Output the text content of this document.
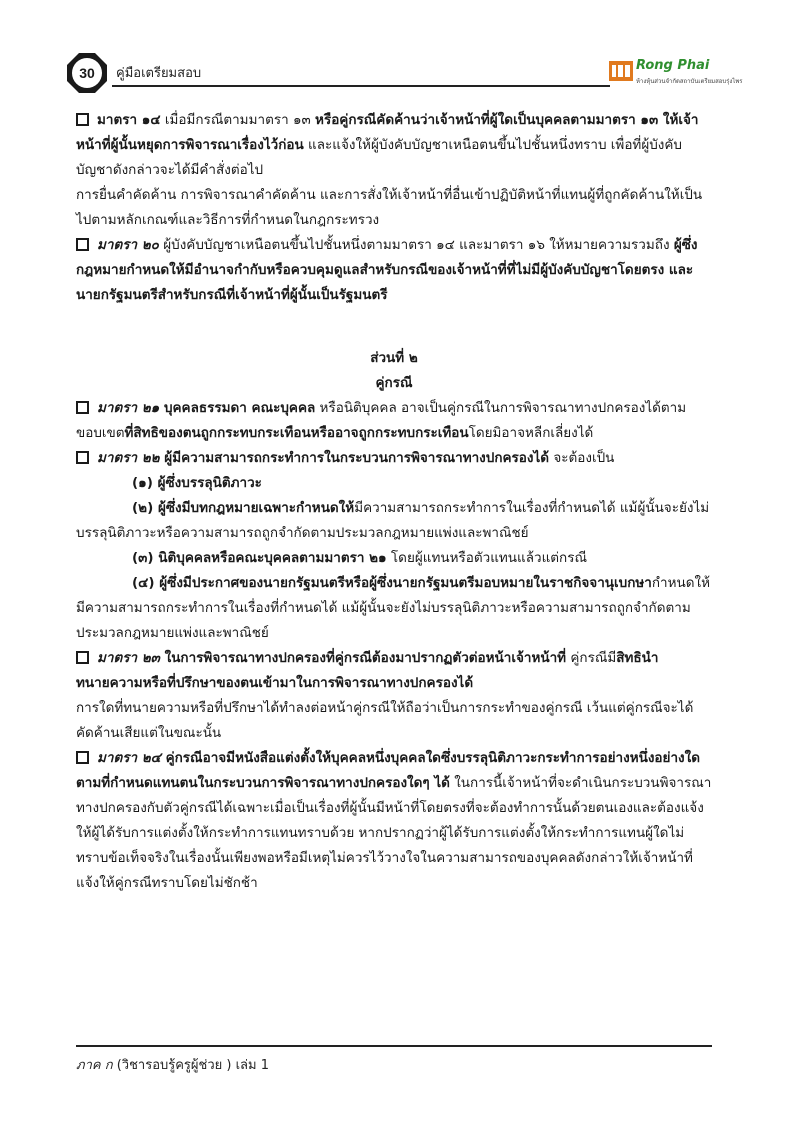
30 คู่มือเตรียมสอบ
Rong Phai
ห้างหุ้นส่วนจำกัดสถาบันเตรียมสอบรุ่งไพร

มาตรา ๑๔ เมื่อมีกรณีตามมาตรา ๑๓ หรือคู่กรณีคัดค้านว่าเจ้าหน้าที่ผู้ใดเป็นบุคคลตามมาตรา ๑๓ ให้เจ้าหน้าที่ผู้นั้นหยุดการพิจารณาเรื่องไว้ก่อน และแจ้งให้ผู้บังคับบัญชาเหนือตนขึ้นไปชั้นหนึ่งทราบ เพื่อที่ผู้บังคับบัญชาดังกล่าวจะได้มีคำสั่งต่อไป

การยื่นคำคัดค้าน การพิจารณาคำคัดค้าน และการสั่งให้เจ้าหน้าที่อื่นเข้าปฏิบัติหน้าที่แทนผู้ที่ถูกคัดค้านให้เป็นไปตามหลักเกณฑ์และวิธีการที่กำหนดในกฎกระทรวง

มาตรา ๒๐ ผู้บังคับบัญชาเหนือตนขึ้นไปชั้นหนึ่งตามมาตรา ๑๔ และมาตรา ๑๖ ให้หมายความรวมถึง ผู้ซึ่งกฎหมายกำหนดให้มีอำนาจกำกับหรือควบคุมดูแลสำหรับกรณีของเจ้าหน้าที่ที่ไม่มีผู้บังคับบัญชาโดยตรง และนายกรัฐมนตรีสำหรับกรณีที่เจ้าหน้าที่ผู้นั้นเป็นรัฐมนตรี

ส่วนที่ ๒

คู่กรณี

มาตรา ๒๑ บุคคลธรรมดา คณะบุคคล หรือนิติบุคคล อาจเป็นคู่กรณีในการพิจารณาทางปกครองได้ตามขอบเขตที่สิทธิของตนถูกกระทบกระเทือนหรืออาจถูกกระทบกระเทือนโดยมิอาจหลีกเลี่ยงได้

มาตรา ๒๒ ผู้มีความสามารถกระทำการในกระบวนการพิจารณาทางปกครองได้ จะต้องเป็น

(๑) ผู้ซึ่งบรรลุนิติภาวะ

(๒) ผู้ซึ่งมีบทกฎหมายเฉพาะกำหนดให้มีความสามารถกระทำการในเรื่องที่กำหนดได้ แม้ผู้นั้นจะยังไม่บรรลุนิติภาวะหรือความสามารถถูกจำกัดตามประมวลกฎหมายแพ่งและพาณิชย์

(๓) นิติบุคคลหรือคณะบุคคลตามมาตรา ๒๑ โดยผู้แทนหรือตัวแทนแล้วแต่กรณี

(๔) ผู้ซึ่งมีประกาศของนายกรัฐมนตรีหรือผู้ซึ่งนายกรัฐมนตรีมอบหมายในราชกิจจานุเบกษากำหนดให้มีความสามารถกระทำการในเรื่องที่กำหนดได้ แม้ผู้นั้นจะยังไม่บรรลุนิติภาวะหรือความสามารถถูกจำกัดตามประมวลกฎหมายแพ่งและพาณิชย์

มาตรา ๒๓ ในการพิจารณาทางปกครองที่คู่กรณีต้องมาปรากฏตัวต่อหน้าเจ้าหน้าที่ คู่กรณีมีสิทธินำทนายความหรือที่ปรึกษาของตนเข้ามาในการพิจารณาทางปกครองได้

การใดที่ทนายความหรือที่ปรึกษาได้ทำลงต่อหน้าคู่กรณีให้ถือว่าเป็นการกระทำของคู่กรณี เว้นแต่คู่กรณีจะได้คัดค้านเสียแต่ในขณะนั้น

มาตรา ๒๔ คู่กรณีอาจมีหนังสือแต่งตั้งให้บุคคลหนึ่งบุคคลใดซึ่งบรรลุนิติภาวะกระทำการอย่างหนึ่งอย่างใดตามที่กำหนดแทนตนในกระบวนการพิจารณาทางปกครองใดๆ ได้ ในการนี้เจ้าหน้าที่จะดำเนินกระบวนพิจารณาทางปกครองกับตัวคู่กรณีได้เฉพาะเมื่อเป็นเรื่องที่ผู้นั้นมีหน้าที่โดยตรงที่จะต้องทำการนั้นด้วยตนเองและต้องแจ้งให้ผู้ได้รับการแต่งตั้งให้กระทำการแทนทราบด้วย หากปรากฏว่าผู้ได้รับการแต่งตั้งให้กระทำการแทนผู้ใดไม่ทราบข้อเท็จจริงในเรื่องนั้นเพียงพอหรือมีเหตุไม่ควรไว้วางใจในความสามารถของบุคคลดังกล่าวให้เจ้าหน้าที่แจ้งให้คู่กรณีทราบโดยไม่ชักช้า

ภาค ก (วิชารอบรู้ครูผู้ช่วย ) เล่ม 1
